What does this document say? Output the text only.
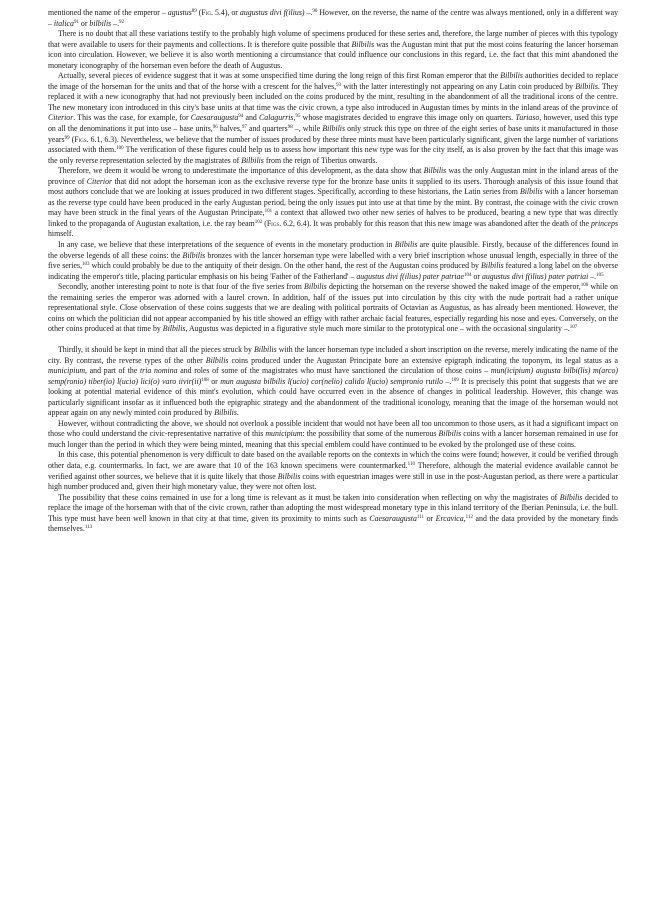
mentioned the name of the emperor – agustus$^{89}$ (Fig. 5.4), or augustus divi f(ilius) –.$^{90}$ However, on the reverse, the name of the centre was always mentioned, only in a different way – italica$^{91}$ or bilbilis –.$^{92}$

There is no doubt that all these variations testify to the probably high volume of specimens produced for these series and, therefore, the large number of pieces with this typology that were available to users for their payments and collections. It is therefore quite possible that Bilbilis was the Augustan mint that put the most coins featuring the lancer horseman icon into circulation. However, we believe it is also worth mentioning a circumstance that could influence our conclusions in this regard, i.e. the fact that this mint abandoned the monetary iconography of the horseman even before the death of Augustus.

Actually, several pieces of evidence suggest that it was at some unspecified time during the long reign of this first Roman emperor that the Bilbilis authorities decided to replace the image of the horseman for the units and that of the horse with a crescent for the halves,$^{93}$ with the latter interestingly not appearing on any Latin coin produced by Bilbilis. They replaced it with a new iconography that had not previously been included on the coins produced by the mint, resulting in the abandonment of all the traditional icons of the centre. The new monetary icon introduced in this city's base units at that time was the civic crown, a type also introduced in Augustan times by mints in the inland areas of the province of Citerior. This was the case, for example, for Caesaraugusta$^{94}$ and Calagurris,$^{95}$ whose magistrates decided to engrave this image only on quarters. Turiaso, however, used this type on all the denominations it put into use – base units,$^{96}$ halves,$^{97}$ and quarters$^{98}$ –, while Bilbilis only struck this type on three of the eight series of base units it manufactured in those years$^{99}$ (Figs. 6.1, 6.3). Nevertheless, we believe that the number of issues produced by these three mints must have been particularly significant, given the large number of variations associated with them.$^{100}$ The verification of these figures could help us to assess how important this new type was for the city itself, as is also proven by the fact that this image was the only reverse representation selected by the magistrates of Bilbilis from the reign of Tiberius onwards.

Therefore, we deem it would be wrong to underestimate the importance of this development, as the data show that Bilbilis was the only Augustan mint in the inland areas of the province of Citerior that did not adopt the horseman icon as the exclusive reverse type for the bronze base units it supplied to its users. Thorough analysis of this issue found that most authors conclude that we are looking at issues produced in two different stages. Specifically, according to these historians, the Latin series from Bilbilis with a lancer horseman as the reverse type could have been produced in the early Augustan period, being the only issues put into use at that time by the mint. By contrast, the coinage with the civic crown may have been struck in the final years of the Augustan Principate,$^{101}$ a context that allowed two other new series of halves to be produced, bearing a new type that was directly linked to the propaganda of Augustan exaltation, i.e. the ray beam$^{102}$ (Figs. 6.2, 6.4). It was probably for this reason that this new image was abandoned after the death of the princeps himself.

In any case, we believe that these interpretations of the sequence of events in the monetary production in Bilbilis are quite plausible. Firstly, because of the differences found in the obverse legends of all these coins: the Bilbilis bronzes with the lancer horseman type were labelled with a very brief inscription whose unusual length, especially in three of the five series,$^{103}$ which could probably be due to the antiquity of their design. On the other hand, the rest of the Augustan coins produced by Bilbilis featured a long label on the obverse indicating the emperor's title, placing particular emphasis on his being 'Father of the Fatherland' – augustus divi f(ilius) pater patriae$^{104}$ or augustus divi f(ilius) pater patriai –.$^{105}$

Secondly, another interesting point to note is that four of the five series from Bilbilis depicting the horseman on the reverse showed the naked image of the emperor,$^{106}$ while on the remaining series the emperor was adorned with a laurel crown. In addition, half of the issues put into circulation by this city with the nude portrait had a rather unique representational style. Close observation of these coins suggests that we are dealing with political portraits of Octavian as Augustus, as has already been mentioned. However, the coins on which the politician did not appear accompanied by his title showed an effigy with rather archaic facial features, especially regarding his nose and eyes. Conversely, on the other coins produced at that time by Bilbilis, Augustus was depicted in a figurative style much more similar to the prototypical one – with the occasional singularity –.$^{107}$

Thirdly, it should be kept in mind that all the pieces struck by Bilbilis with the lancer horseman type included a short inscription on the reverse, merely indicating the name of the city. By contrast, the reverse types of the other Bilbilis coins produced under the Augustan Principate bore an extensive epigraph indicating the toponym, its legal status as a municipium, and part of the tria nomina and roles of some of the magistrates who must have sanctioned the circulation of those coins – mun(icipium) augusta bilbi(lis) m(arco) semp(ronio) tiber(io) l(ucio) lici(o) varo iivir(ii)$^{108}$ or mun augusta bilbilis l(ucio) cor(nelio) calido l(ucio) sempronio rutilo –.$^{109}$ It is precisely this point that suggests that we are looking at potential material evidence of this mint's evolution, which could have occurred even in the absence of changes in political leadership. However, this change was particularly significant insofar as it influenced both the epigraphic strategy and the abandonment of the traditional iconology, meaning that the image of the horseman would not appear again on any newly minted coin produced by Bilbilis.

However, without contradicting the above, we should not overlook a possible incident that would not have been all too uncommon to those users, as it had a significant impact on those who could understand the civic-representative narrative of this municipium: the possibility that some of the numerous Bilbilis coins with a lancer horseman remained in use for much longer than the period in which they were being minted, meaning that this special emblem could have continued to be evoked by the prolonged use of these coins.

In this case, this potential phenomenon is very difficult to date based on the available reports on the contexts in which the coins were found; however, it could be verified through other data, e.g. countermarks. In fact, we are aware that 10 of the 163 known specimens were countermarked.$^{110}$ Therefore, although the material evidence available cannot be verified against other sources, we believe that it is quite likely that those Bilbilis coins with equestrian images were still in use in the post-Augustan period, as there were a particular high number produced and, given their high monetary value, they were not often lost.

The possibility that these coins remained in use for a long time is relevant as it must be taken into consideration when reflecting on why the magistrates of Bilbilis decided to replace the image of the horseman with that of the civic crown, rather than adopting the most widespread monetary type in this inland territory of the Iberian Peninsula, i.e. the bull. This type must have been well known in that city at that time, given its proximity to mints such as Caesaraugusta$^{111}$ or Ercavica,$^{112}$ and the data provided by the monetary finds themselves.$^{113}$
